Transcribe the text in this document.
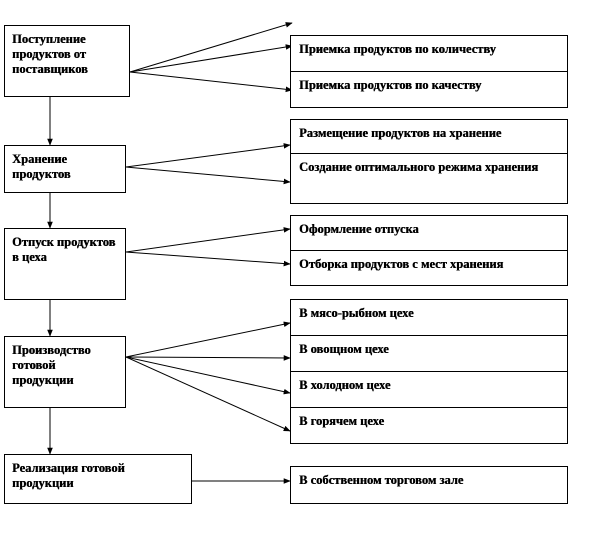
Поступление продуктов от поставщиков
Хранение продуктов
Отпуск продуктов в цеха
Производство готовой продукции
Реализация готовой продукции
Приемка продуктов по количеству
Приемка продуктов по качеству
Размещение продуктов на хранение
Создание оптимального режима хранения
Оформление отпуска
Отборка продуктов с мест хранения
В мясо-рыбном цехе
В овощном цехе
В холодном цехе
В горячем цехе
В собственном торговом зале
